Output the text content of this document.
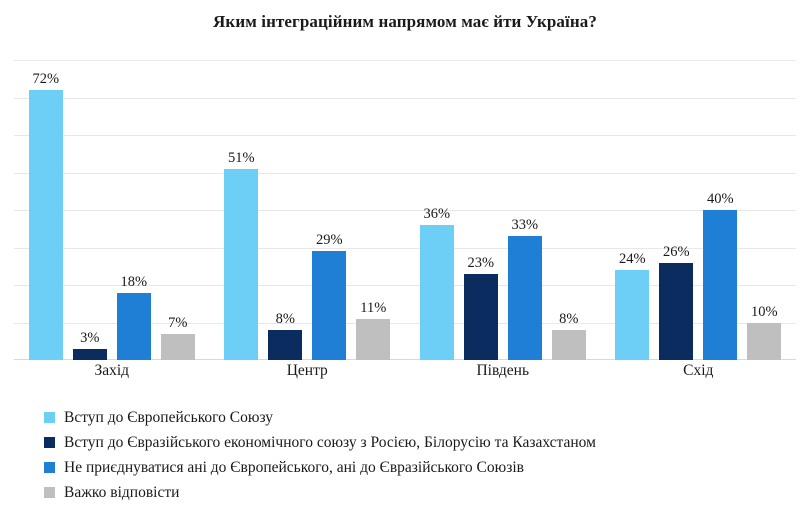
Яким інтеграційним напрямом має йти Україна?
72%
3%
18%
7%
51%
8%
29%
11%
36%
23%
33%
8%
24% 26%
40%
10%
Захід	Центр	Південь	Схід
Вступ до Європейського Союзу
Вступ до Євразійського економічного союзу з Росією, Білорусію та Казахстаном
Не приєднуватися ані до Європейського, ані до Євразійського Союзів
Важко відповісти
